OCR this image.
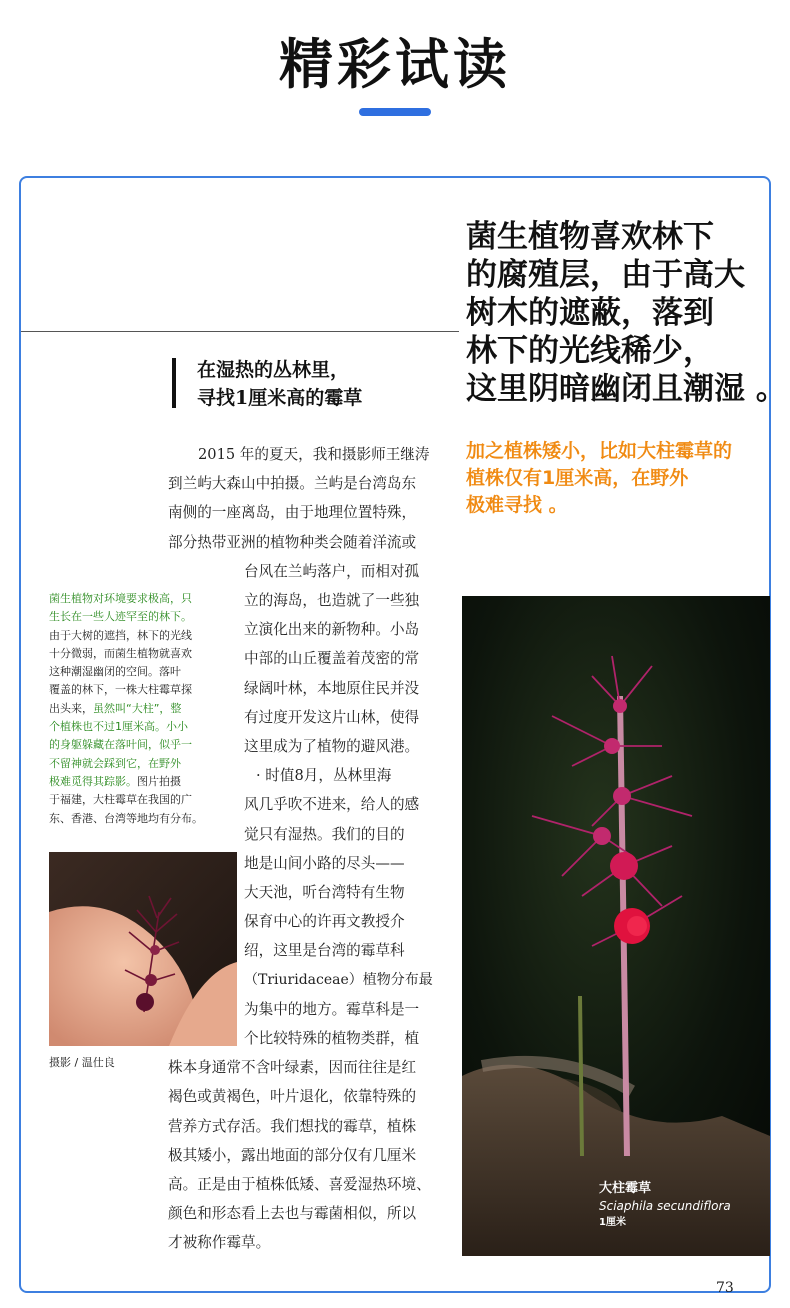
精彩试读
菌生植物喜欢林下
的腐殖层，由于高大
树木的遮蔽，落到
林下的光线稀少，
这里阴暗幽闭且潮湿 。
加之植株矮小，比如大柱霉草的
植株仅有1厘米高，在野外
极难寻找 。
在湿热的丛林里，
寻找1厘米高的霉草
2015 年的夏天，我和摄影师王继涛
到兰屿大森山中拍摄。兰屿是台湾岛东
南侧的一座离岛，由于地理位置特殊，
部分热带亚洲的植物种类会随着洋流或
台风在兰屿落户，而相对孤
立的海岛，也造就了一些独
立演化出来的新物种。小岛
中部的山丘覆盖着茂密的常
绿阔叶林，本地原住民并没
有过度开发这片山林，使得
这里成为了植物的避风港。
· 时值8月，丛林里海
风几乎吹不进来，给人的感
觉只有湿热。我们的目的
地是山间小路的尽头——
大天池，听台湾特有生物
保育中心的许再文教授介
绍，这里是台湾的霉草科
（Triuridaceae）植物分布最
为集中的地方。霉草科是一
个比较特殊的植物类群，植
株本身通常不含叶绿素，因而往往是红
褐色或黄褐色，叶片退化，依靠特殊的
营养方式存活。我们想找的霉草，植株
极其矮小，露出地面的部分仅有几厘米
高。正是由于植株低矮、喜爱湿热环境、
颜色和形态看上去也与霉菌相似，所以
才被称作霉草。
菌生植物对环境要求极高，只
生长在一些人迹罕至的林下。
由于大树的遮挡，林下的光线
十分微弱，而菌生植物就喜欢
这种潮湿幽闭的空间。落叶
覆盖的林下，一株大柱霉草探
出头来，虽然叫“大柱”，整
个植株也不过1厘米高。小小
的身躯躲藏在落叶间，似乎一
不留神就会踩到它，在野外
极难觅得其踪影。图片拍摄
于福建，大柱霉草在我国的广
东、香港、台湾等地均有分布。
摄影 / 温仕良
大柱霉草
Sciaphila secundiflora
1厘米
73
